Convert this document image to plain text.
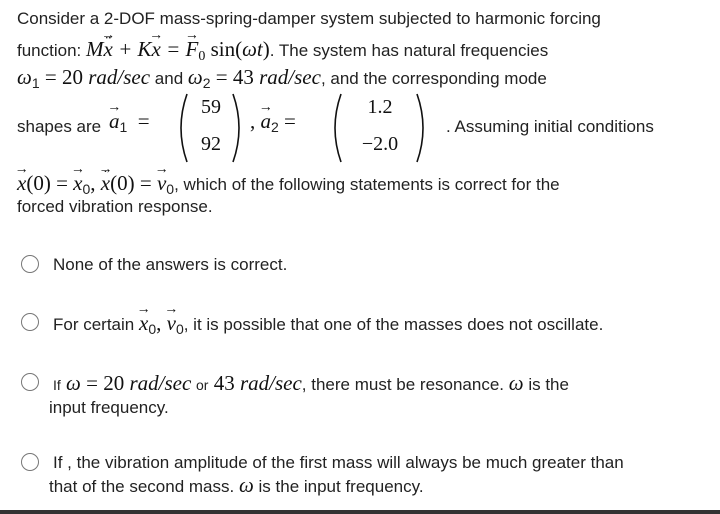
Consider a 2-DOF mass-spring-damper system subjected to harmonic forcing
function: M¨ x → + Kx → = $F \to_0$ sin(ωt). The system has natural frequencies
$\omega_1 = 20$ rad/sec and $\omega_2 = 43$ rad/sec, and the corresponding mode
shapes are $a \to_1$  =
59
92
, $a \to_2$ =
1.2
−2.0
. Assuming initial conditions
$x \to(0) = x \to_0$, ˙ $x \to(0) = v \to_0$, which of the following statements is correct for the
forced vibration response.
None of the answers is correct.
For certain $x \to_0$, $v \to_0$, it is possible that one of the masses does not oscillate.
If ω = 20 rad/sec or 43 rad/sec, there must be resonance. ω is the
input frequency.
If , the vibration amplitude of the first mass will always be much greater than
that of the second mass. ω is the input frequency.
